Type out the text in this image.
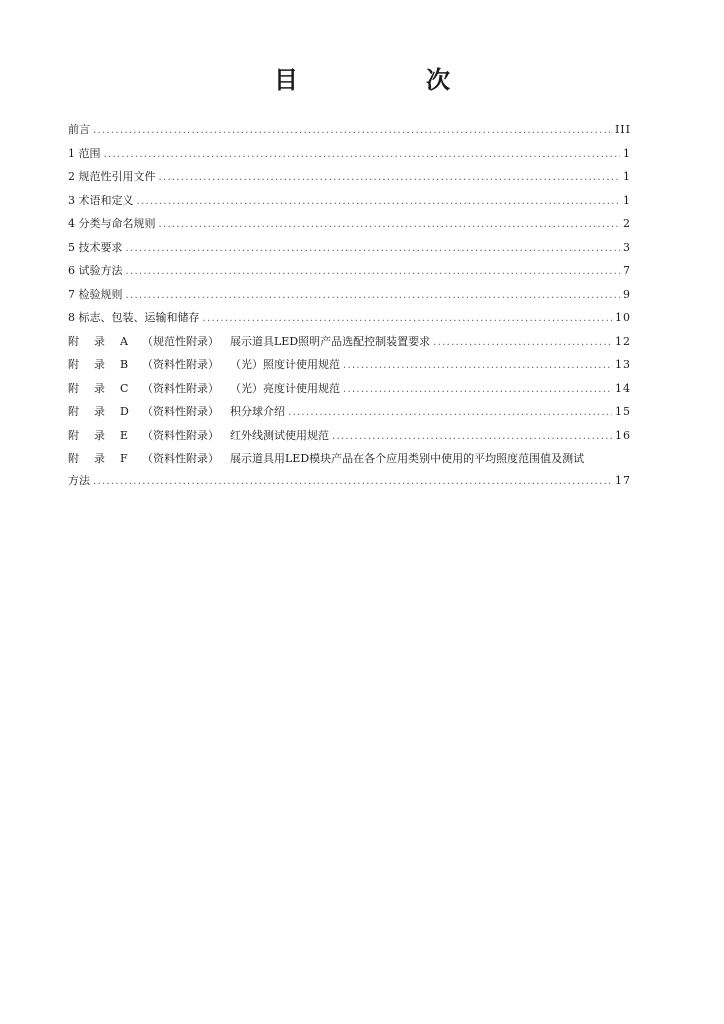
目　次
前言 .....	III
1 范围 .....	1
2 规范性引用文件 .....	1
3 术语和定义 .....	1
4 分类与命名规则 .....	2
5 技术要求 .....	3
6 试验方法 .....	7
7 检验规则 .....	9
8 标志、包装、运输和储存 .....	10
附 录 A （规范性附录） 展示道具LED照明产品选配控制装置要求 .....	12
附 录 B （资料性附录） （光）照度计使用规范 .....	13
附 录 C （资料性附录） （光）亮度计使用规范 .....	14
附 录 D （资料性附录） 积分球介绍 .....	15
附 录 E （资料性附录） 红外线测试使用规范 .....	16
附 录 F （资料性附录） 展示道具用LED模块产品在各个应用类别中使用的平均照度范围值及测试
方法 .....	17
